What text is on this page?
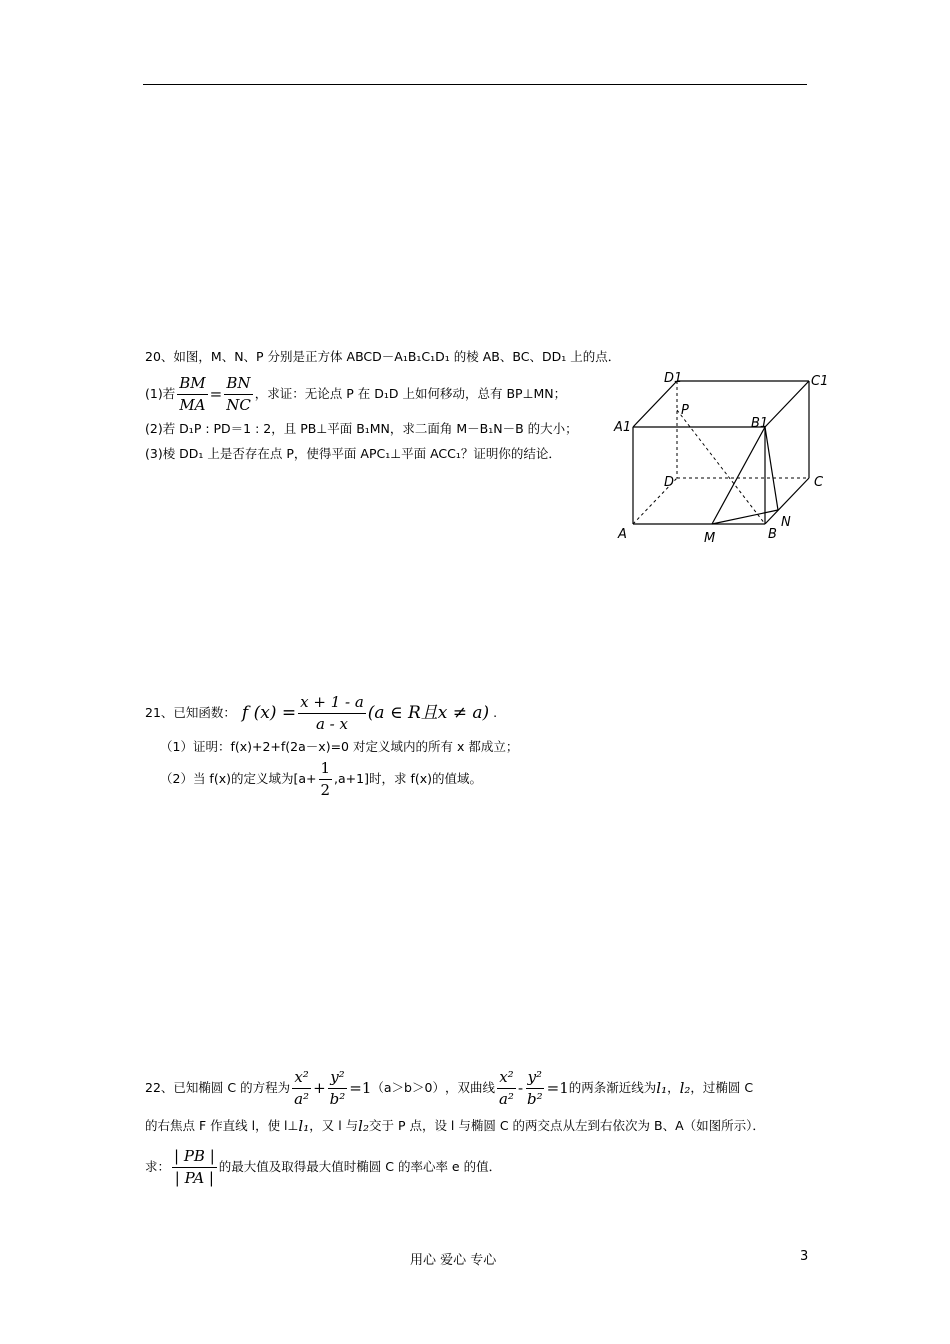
20、如图，M、N、P 分别是正方体 ABCD－A₁B₁C₁D₁ 的棱 AB、BC、DD₁ 上的点．
(1)若 $\frac{BM}{MA} = \frac{BN}{NC}$ ，求证：无论点 P 在 D₁D 上如何移动，总有 BP⊥MN；
(2)若 D₁P : PD＝1 : 2，且 PB⊥平面 B₁MN，求二面角 M－B₁N－B 的大小；
(3)棱 DD₁ 上是否存在点 P，使得平面 APC₁⊥平面 ACC₁？证明你的结论．
D1	C1
A1	B1
P
D	C
A	B
M
N
21 、已知函数： f $(x) = \frac{x + 1 - a}{a - x} (a$ ∈ R且x ≠ a) .
（1）证明：f(x)+2+f(2a－x)=0 对定义域内的所有 x 都成立；
（2）当 f(x)的定义域为$[a+ \frac{1}{2} ,a+1]$时，求 f(x)的值域。
22 、已知椭圆 C 的方程为 $\frac{\text{x²}}{\text{a²}} + \frac{\text{y²}}{\text{b²}} =1$ （a＞b＞0） ，双曲线 $\frac{\text{x²}}{\text{a²}} - \frac{\text{y²}}{\text{b²}} =1$ 的两条渐近线为 l₁ ， l₂ ，过椭圆 C
的右焦点 F 作直线 l，使 l⊥ l₁ ，又 l 与 l₂ 交于 P 点，设 l 与椭圆 C 的两交点从左到右依次为 B、A（如图所示）．
求： $\frac{| PB |}{| PA |}$ 的最大值及取得最大值时椭圆 C 的率心率 e 的值．
用心 爱心 专心	3
